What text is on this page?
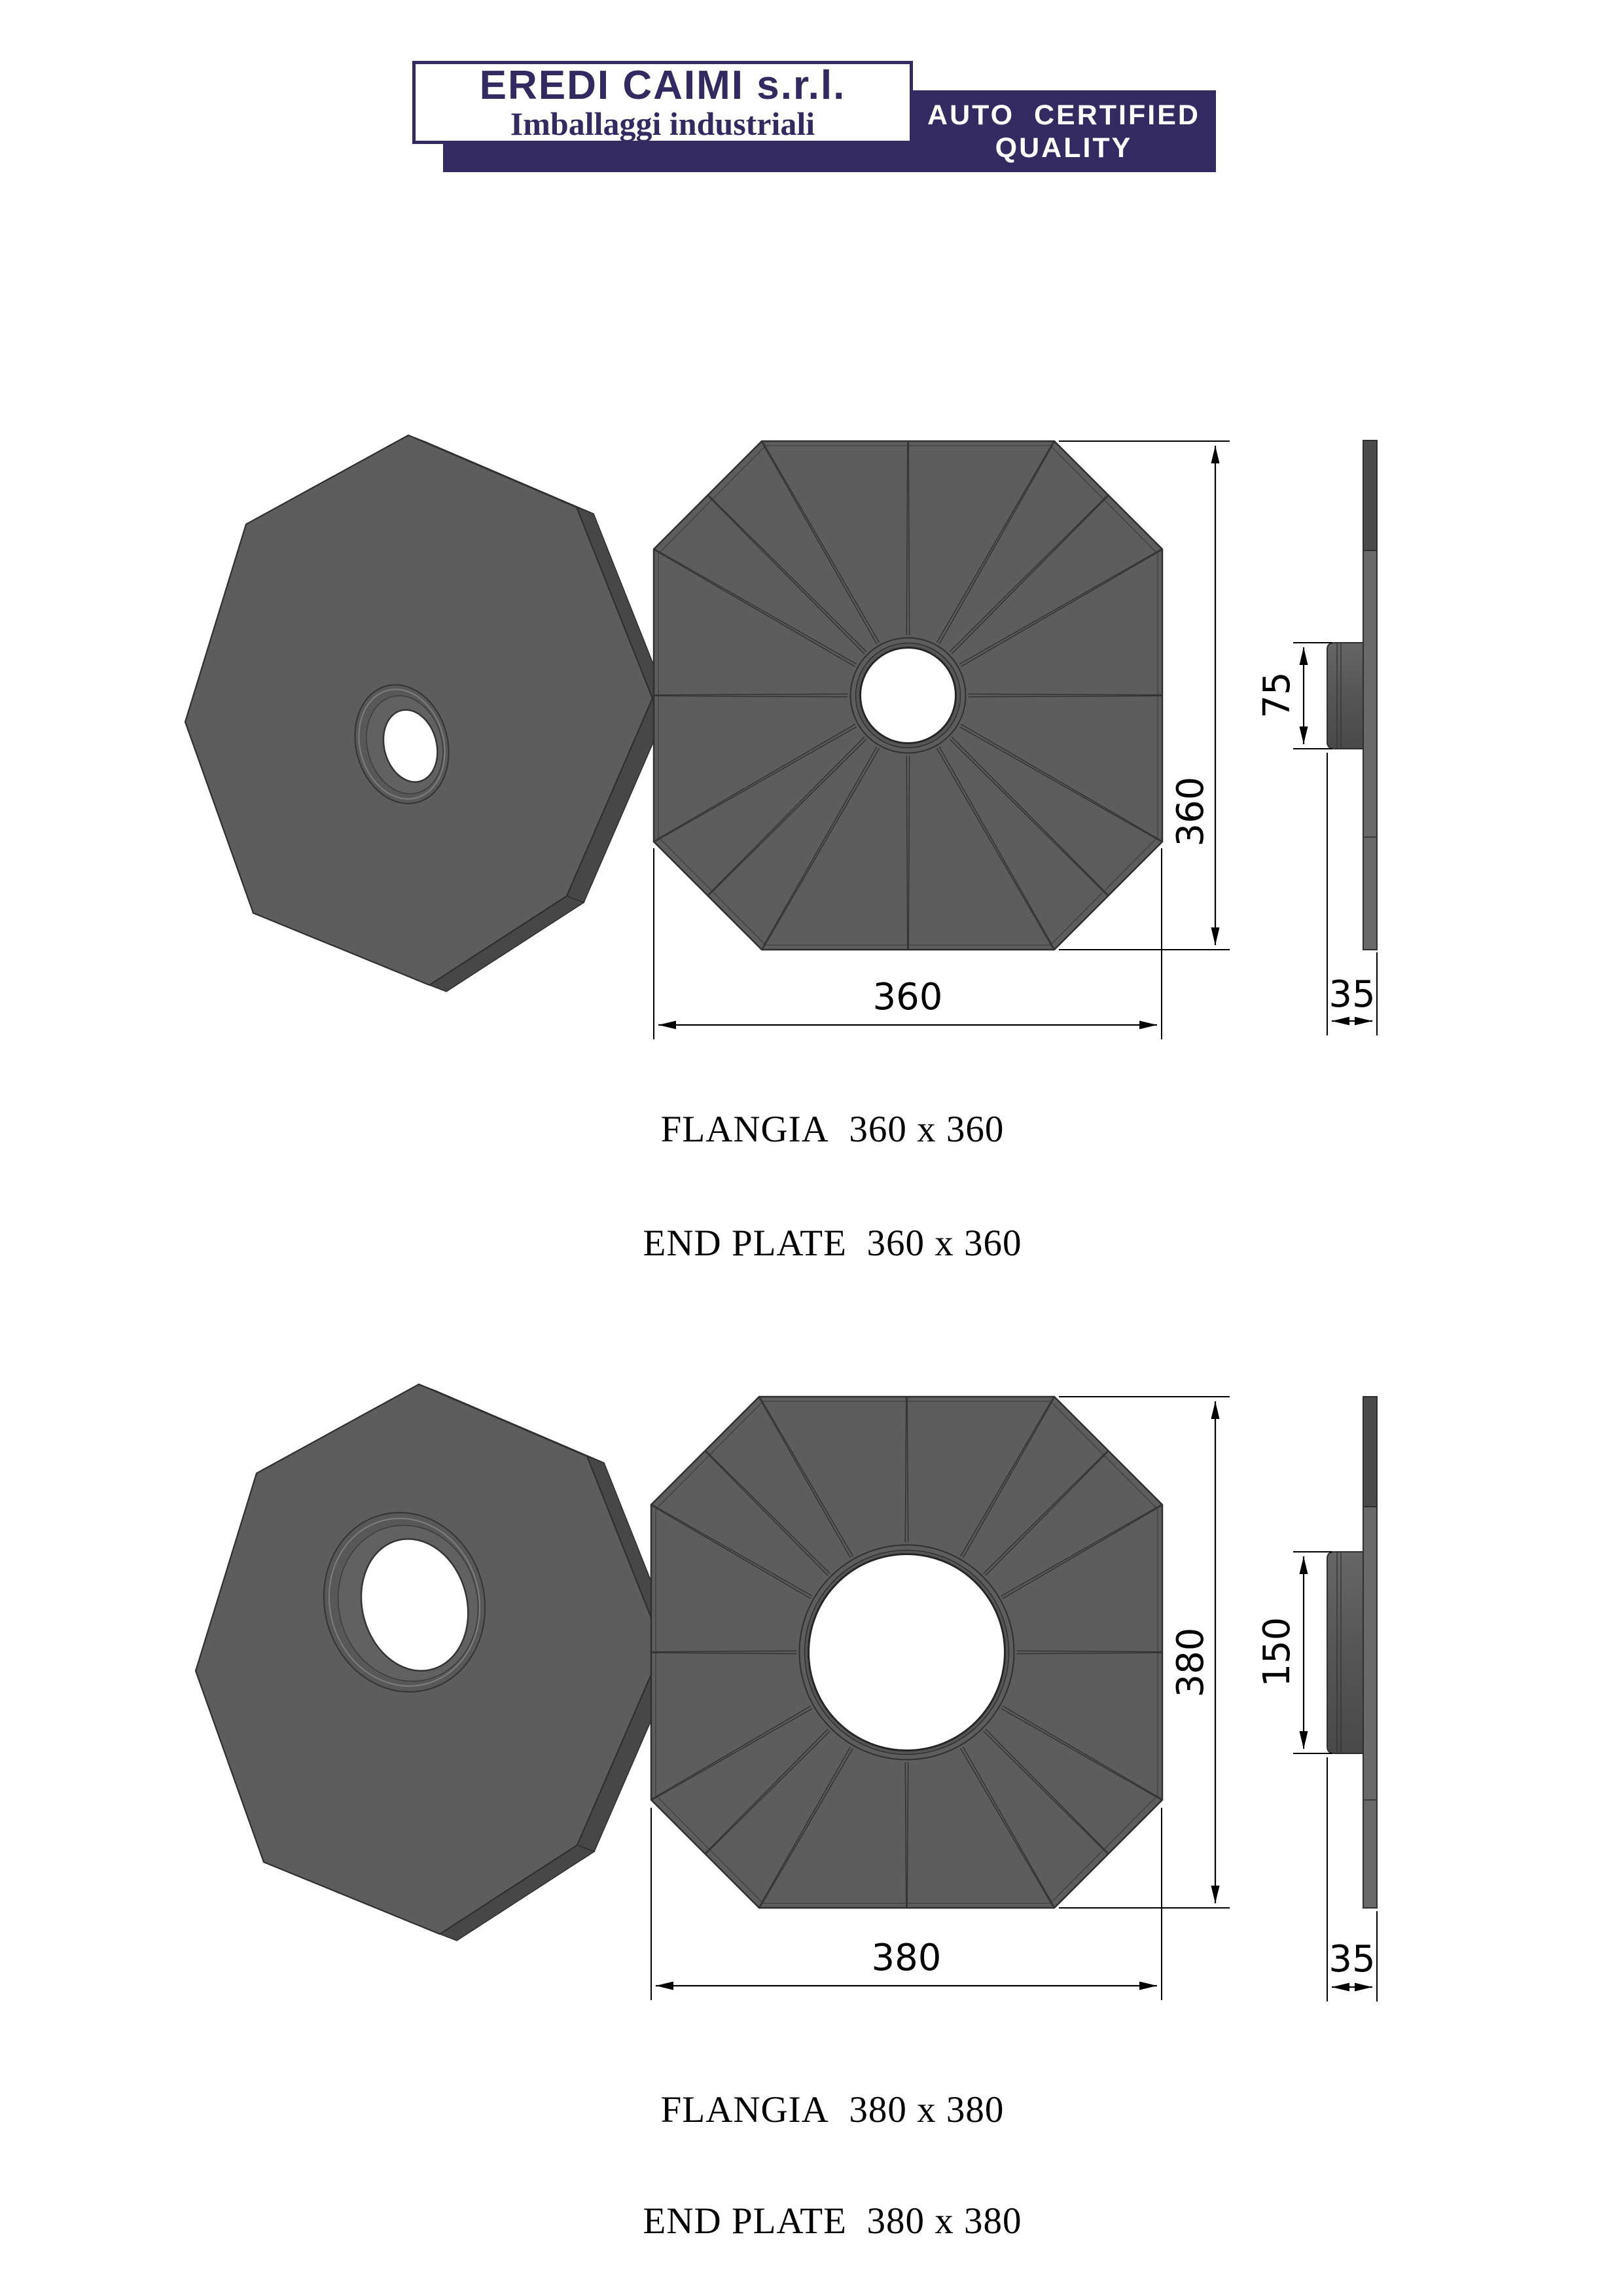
AUTO  CERTIFIED
QUALITY
EREDI CAIMI s.r.l.
Imballaggi industriali
360
360
75
35
FLANGIA  360 x 360
END PLATE  360 x 360
380
380
150
35
FLANGIA  380 x 380
END PLATE  380 x 380
